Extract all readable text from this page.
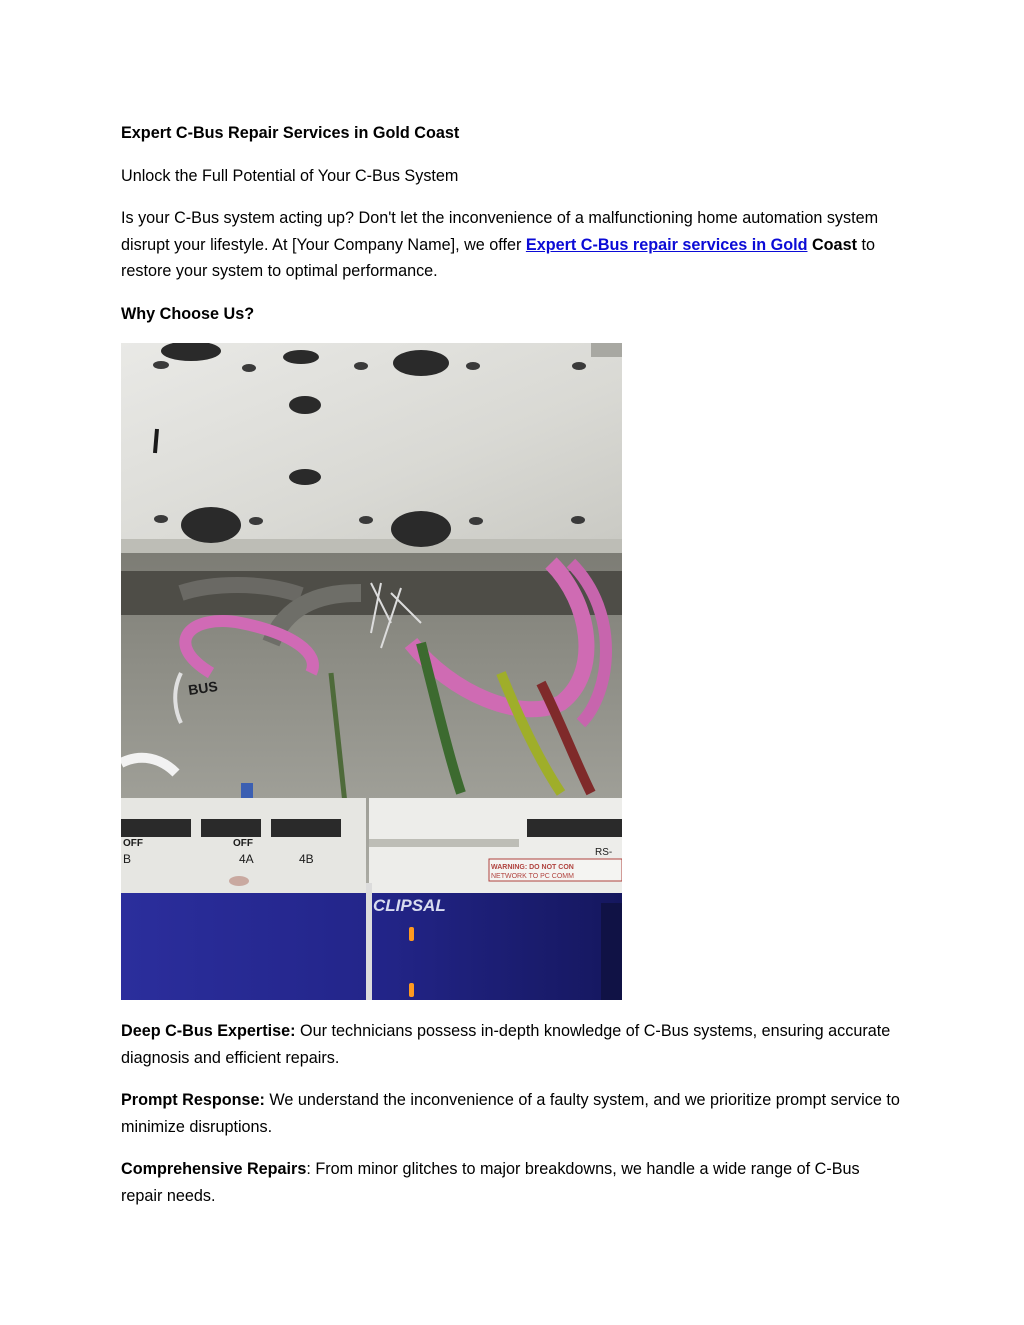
Expert C-Bus Repair Services in Gold Coast

Unlock the Full Potential of Your C-Bus System

Is your C-Bus system acting up? Don't let the inconvenience of a malfunctioning home automation system disrupt your lifestyle. At [Your Company Name], we offer Expert C-Bus repair services in Gold Coast to restore your system to optimal performance.

Why Choose Us?

BUS
OFF	OFF
B	4A	4B	RS-
WARNING: DO NOT CON
NETWORK TO PC COMM
CLIPSAL

Deep C-Bus Expertise: Our technicians possess in-depth knowledge of C-Bus systems, ensuring accurate diagnosis and efficient repairs.

Prompt Response: We understand the inconvenience of a faulty system, and we prioritize prompt service to minimize disruptions.

Comprehensive Repairs: From minor glitches to major breakdowns, we handle a wide range of C-Bus repair needs.
